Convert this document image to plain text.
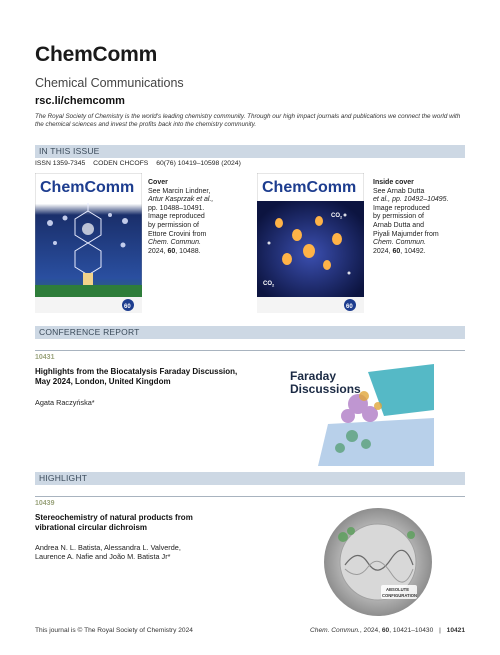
ChemComm
Chemical Communications
rsc.li/chemcomm
The Royal Society of Chemistry is the world's leading chemistry community. Through our high impact journals and publications we connect the world with the chemical sciences and invest the profits back into the chemistry community.
IN THIS ISSUE
ISSN 1359-7345 CODEN CHCOFS 60(76) 10419–10598 (2024)
ChemComm
60
Cover
See Marcin Lindner,
Artur Kasprzak et al.,
pp. 10488–10491.
Image reproduced
by permission of
Ettore Crovini from
Chem. Commun.
2024, 60, 10488.
ChemComm
$CO_2$
$CO_2$
60
Inside cover
See Arnab Dutta
et al., pp. 10492–10495.
Image reproduced
by permission of
Arnab Dutta and
Piyali Majumder from
Chem. Commun.
2024, 60, 10492.
CONFERENCE REPORT
10431
Highlights from the Biocatalysis Faraday Discussion,
May 2024, London, United Kingdom
Agata Raczyńska*
Faraday
Discussions
HIGHLIGHT
10439
Stereochemistry of natural products from
vibrational circular dichroism
Andrea N. L. Batista, Alessandra L. Valverde,
Laurence A. Nafie and João M. Batista Jr*
ABSOLUTE
CONFIGURATION
This journal is © The Royal Society of Chemistry 2024	Chem. Commun., 2024, 60, 10421–10430 | 10421
